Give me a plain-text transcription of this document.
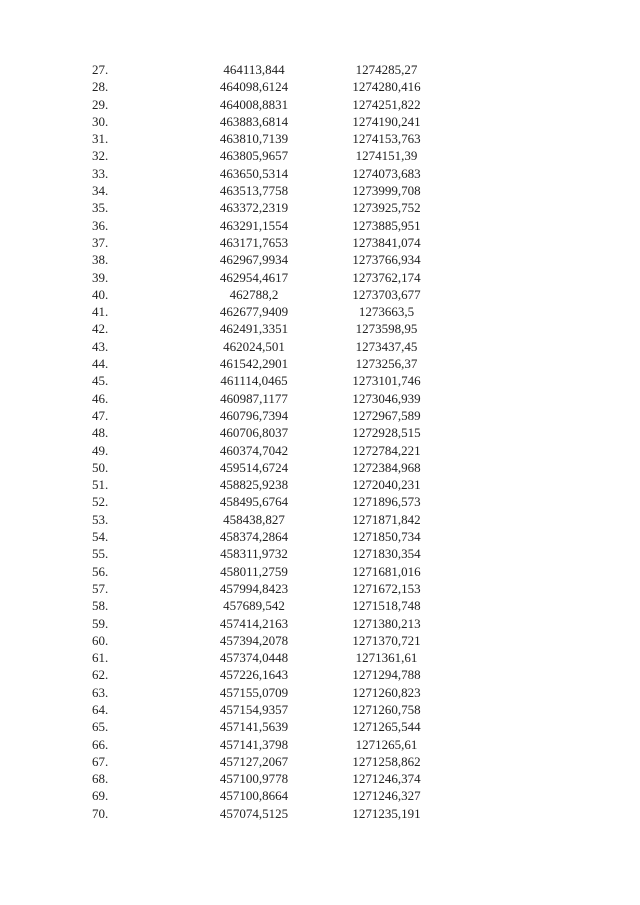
27.	464113,844	1274285,27	
28.	464098,6124	1274280,416	
29.	464008,8831	1274251,822	
30.	463883,6814	1274190,241	
31.	463810,7139	1274153,763	
32.	463805,9657	1274151,39	
33.	463650,5314	1274073,683	
34.	463513,7758	1273999,708	
35.	463372,2319	1273925,752	
36.	463291,1554	1273885,951	
37.	463171,7653	1273841,074	
38.	462967,9934	1273766,934	
39.	462954,4617	1273762,174	
40.	462788,2	1273703,677	
41.	462677,9409	1273663,5	
42.	462491,3351	1273598,95	
43.	462024,501	1273437,45	
44.	461542,2901	1273256,37	
45.	461114,0465	1273101,746	
46.	460987,1177	1273046,939	
47.	460796,7394	1272967,589	
48.	460706,8037	1272928,515	
49.	460374,7042	1272784,221	
50.	459514,6724	1272384,968	
51.	458825,9238	1272040,231	
52.	458495,6764	1271896,573	
53.	458438,827	1271871,842	
54.	458374,2864	1271850,734	
55.	458311,9732	1271830,354	
56.	458011,2759	1271681,016	
57.	457994,8423	1271672,153	
58.	457689,542	1271518,748	
59.	457414,2163	1271380,213	
60.	457394,2078	1271370,721	
61.	457374,0448	1271361,61	
62.	457226,1643	1271294,788	
63.	457155,0709	1271260,823	
64.	457154,9357	1271260,758	
65.	457141,5639	1271265,544	
66.	457141,3798	1271265,61	
67.	457127,2067	1271258,862	
68.	457100,9778	1271246,374	
69.	457100,8664	1271246,327	
70.	457074,5125	1271235,191	
